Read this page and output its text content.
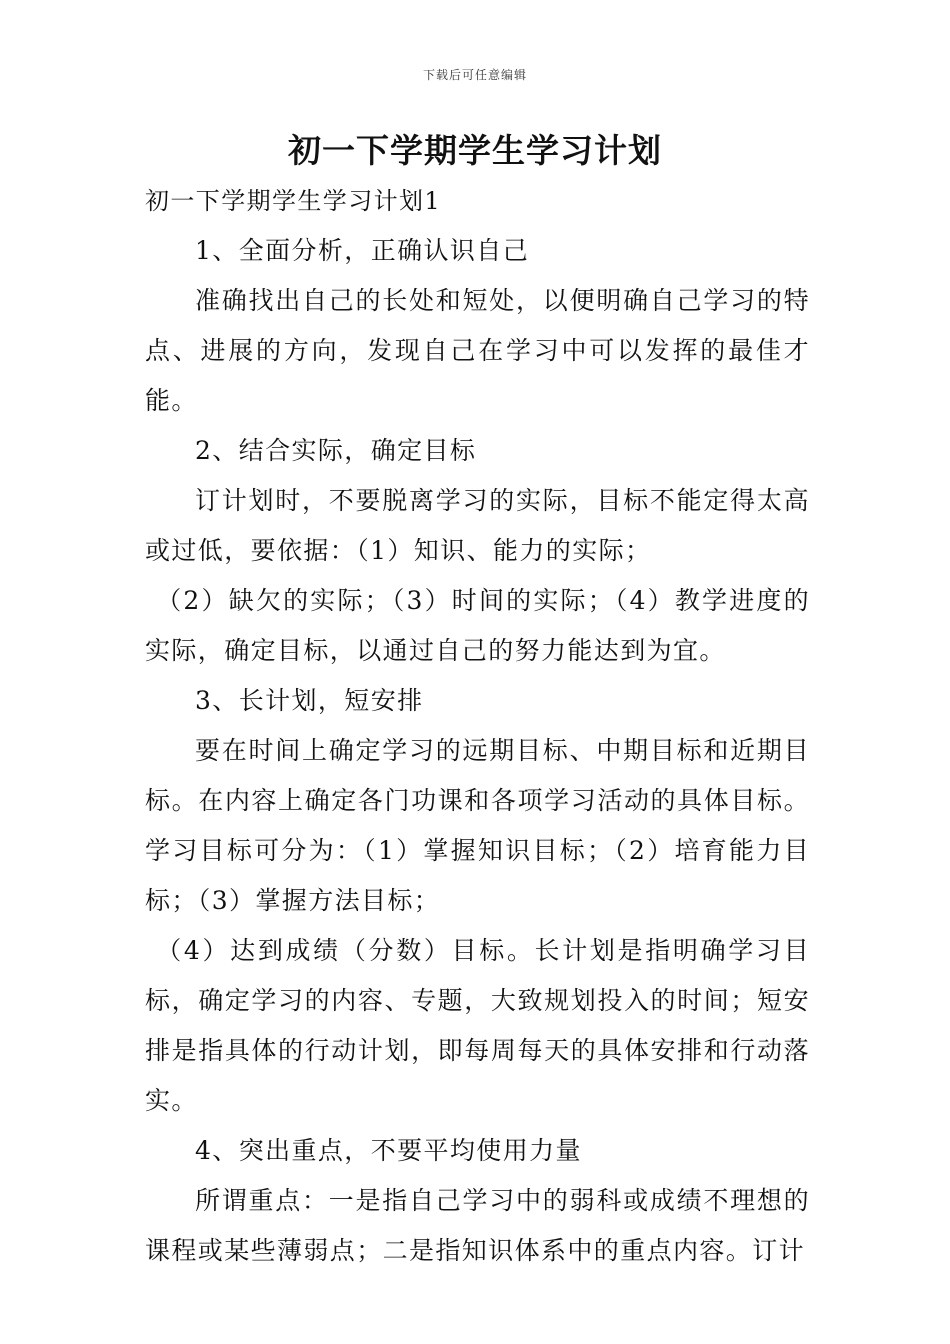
下载后可任意编辑
初一下学期学生学习计划

初一下学期学生学习计划1

1、全面分析，正确认识自己

准确找出自己的长处和短处，以便明确自己学习的特点、进展的方向，发现自己在学习中可以发挥的最佳才能。

2、结合实际，确定目标

订计划时，不要脱离学习的实际，目标不能定得太高或过低，要依据：（1）知识、能力的实际；

（2）缺欠的实际；（3）时间的实际；（4）教学进度的实际，确定目标，以通过自己的努力能达到为宜。

3、长计划，短安排

要在时间上确定学习的远期目标、中期目标和近期目标。在内容上确定各门功课和各项学习活动的具体目标。学习目标可分为：（1）掌握知识目标；（2）培育能力目标；（3）掌握方法目标；

（4）达到成绩（分数）目标。长计划是指明确学习目标，确定学习的内容、专题，大致规划投入的时间；短安排是指具体的行动计划，即每周每天的具体安排和行动落实。

4、突出重点，不要平均使用力量

所谓重点：一是指自己学习中的弱科或成绩不理想的课程或某些薄弱点；二是指知识体系中的重点内容。订计
